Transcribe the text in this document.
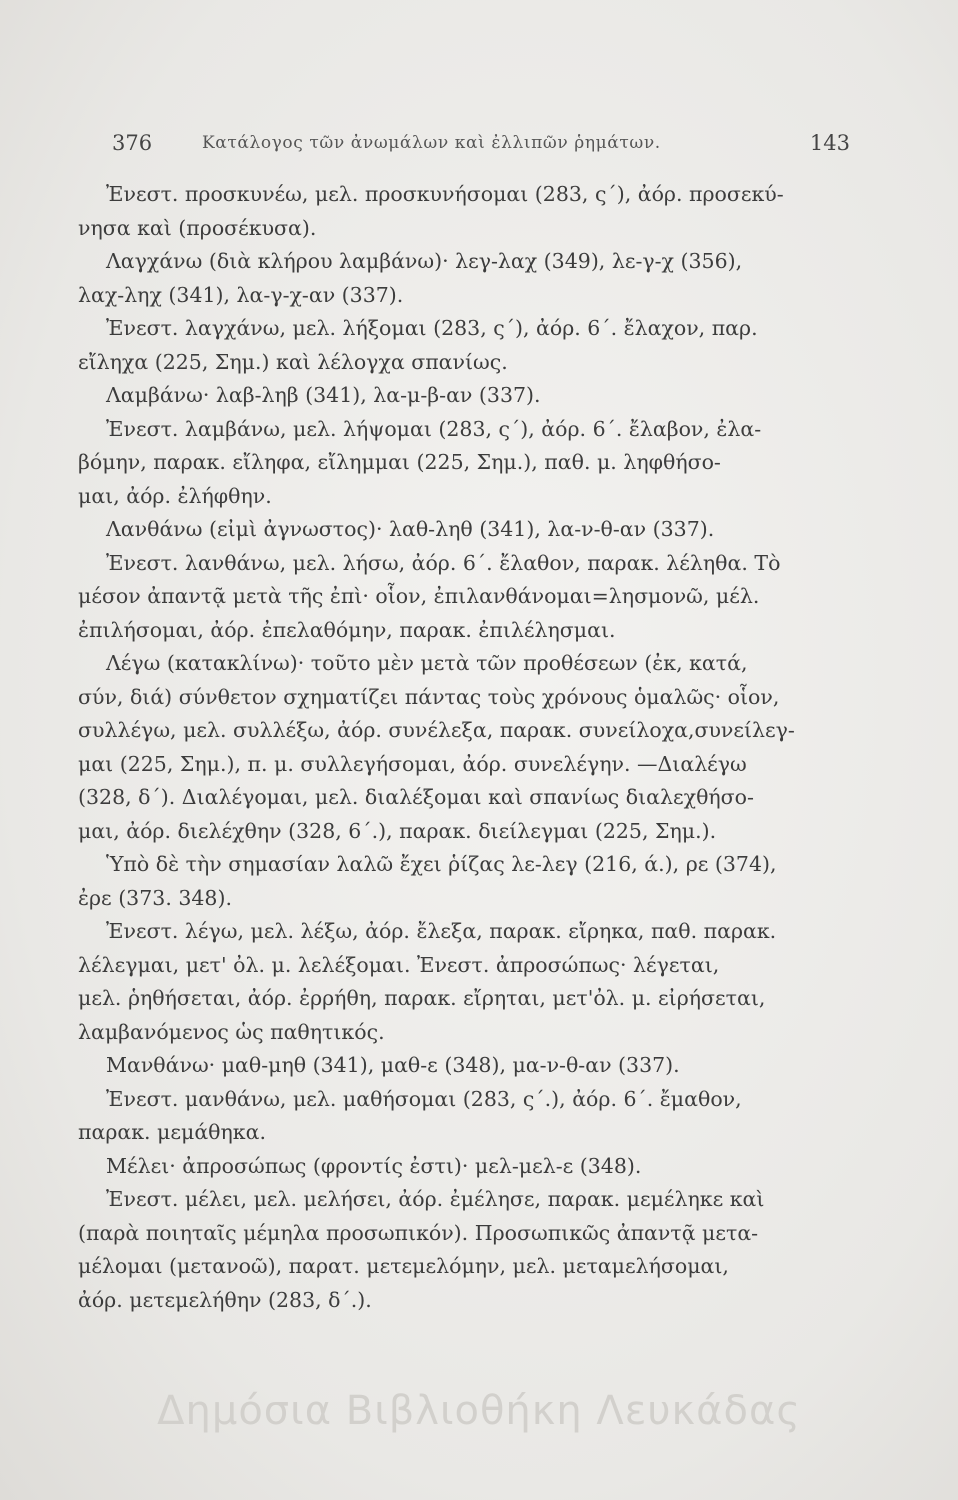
376	Κατάλογος τῶν ἀνωμάλων καὶ ἐλλιπῶν ῥημάτων.	143
Ἐνεστ. προσκυνέω, μελ. προσκυνήσομαι (283, ς΄), ἀόρ. προσεκύ-
νησα καὶ (προσέκυσα).
Λαγχάνω (διὰ κλήρου λαμβάνω)· λεγ-λαχ (349), λε-γ-χ (356),
λαχ-ληχ (341), λα-γ-χ-αν (337).
Ἐνεστ. λαγχάνω, μελ. λήξομαι (283, ς΄), ἀόρ. 6΄. ἔλαχον, παρ.
εἴληχα (225, Σημ.) καὶ λέλογχα σπανίως.
Λαμβάνω· λαβ-ληβ (341), λα-μ-β-αν (337).
Ἐνεστ. λαμβάνω, μελ. λήψομαι (283, ς΄), ἀόρ. 6΄. ἔλαβον, ἐλα-
βόμην, παρακ. εἴληφα, εἴλημμαι (225, Σημ.), παθ. μ. ληφθήσο-
μαι, ἀόρ. ἐλήφθην.
Λανθάνω (εἰμὶ ἀγνωστος)· λαθ-ληθ (341), λα-ν-θ-αν (337).
Ἐνεστ. λανθάνω, μελ. λήσω, ἀόρ. 6΄. ἔλαθον, παρακ. λέληθα. Τὸ
μέσον ἀπαντᾷ μετὰ τῆς ἐπὶ· οἷον, ἐπιλανθάνομαι=λησμονῶ, μέλ.
ἐπιλήσομαι, ἀόρ. ἐπελαθόμην, παρακ. ἐπιλέλησμαι.
Λέγω (κατακλίνω)· τοῦτο μὲν μετὰ τῶν προθέσεων (ἐκ, κατά,
σύν, διά) σύνθετον σχηματίζει πάντας τοὺς χρόνους ὁμαλῶς· οἷον,
συλλέγω, μελ. συλλέξω, ἀόρ. συνέλεξα, παρακ. συνείλοχα,συνείλεγ-
μαι (225, Σημ.), π. μ. συλλεγήσομαι, ἀόρ. συνελέγην. —Διαλέγω
(328, δ΄). Διαλέγομαι, μελ. διαλέξομαι καὶ σπανίως διαλεχθήσο-
μαι, ἀόρ. διελέχθην (328, 6΄.), παρακ. διείλεγμαι (225, Σημ.).
Ὑπὸ δὲ τὴν σημασίαν λαλῶ ἔχει ῥίζας λε-λεγ (216, ά.), ρε (374),
ἐρε (373. 348).
Ἐνεστ. λέγω, μελ. λέξω, ἀόρ. ἔλεξα, παρακ. εἴρηκα, παθ. παρακ.
λέλεγμαι, μετ' ὀλ. μ. λελέξομαι. Ἐνεστ. ἀπροσώπως· λέγεται,
μελ. ῥηθήσεται, ἀόρ. ἐρρήθη, παρακ. εἴρηται, μετ'ὀλ. μ. εἰρήσεται,
λαμβανόμενος ὡς παθητικός.
Μανθάνω· μαθ-μηθ (341), μαθ-ε (348), μα-ν-θ-αν (337).
Ἐνεστ. μανθάνω, μελ. μαθήσομαι (283, ς΄.), ἀόρ. 6΄. ἔμαθον,
παρακ. μεμάθηκα.
Μέλει· ἀπροσώπως (φροντίς ἐστι)· μελ-μελ-ε (348).
Ἐνεστ. μέλει, μελ. μελήσει, ἀόρ. ἐμέλησε, παρακ. μεμέληκε καὶ
(παρὰ ποιηταῖς μέμηλα προσωπικόν). Προσωπικῶς ἀπαντᾷ μετα-
μέλομαι (μετανοῶ), παρατ. μετεμελόμην, μελ. μεταμελήσομαι,
ἀόρ. μετεμελήθην (283, δ΄.).
Δημόσια Βιβλιοθήκη Λευκάδας
